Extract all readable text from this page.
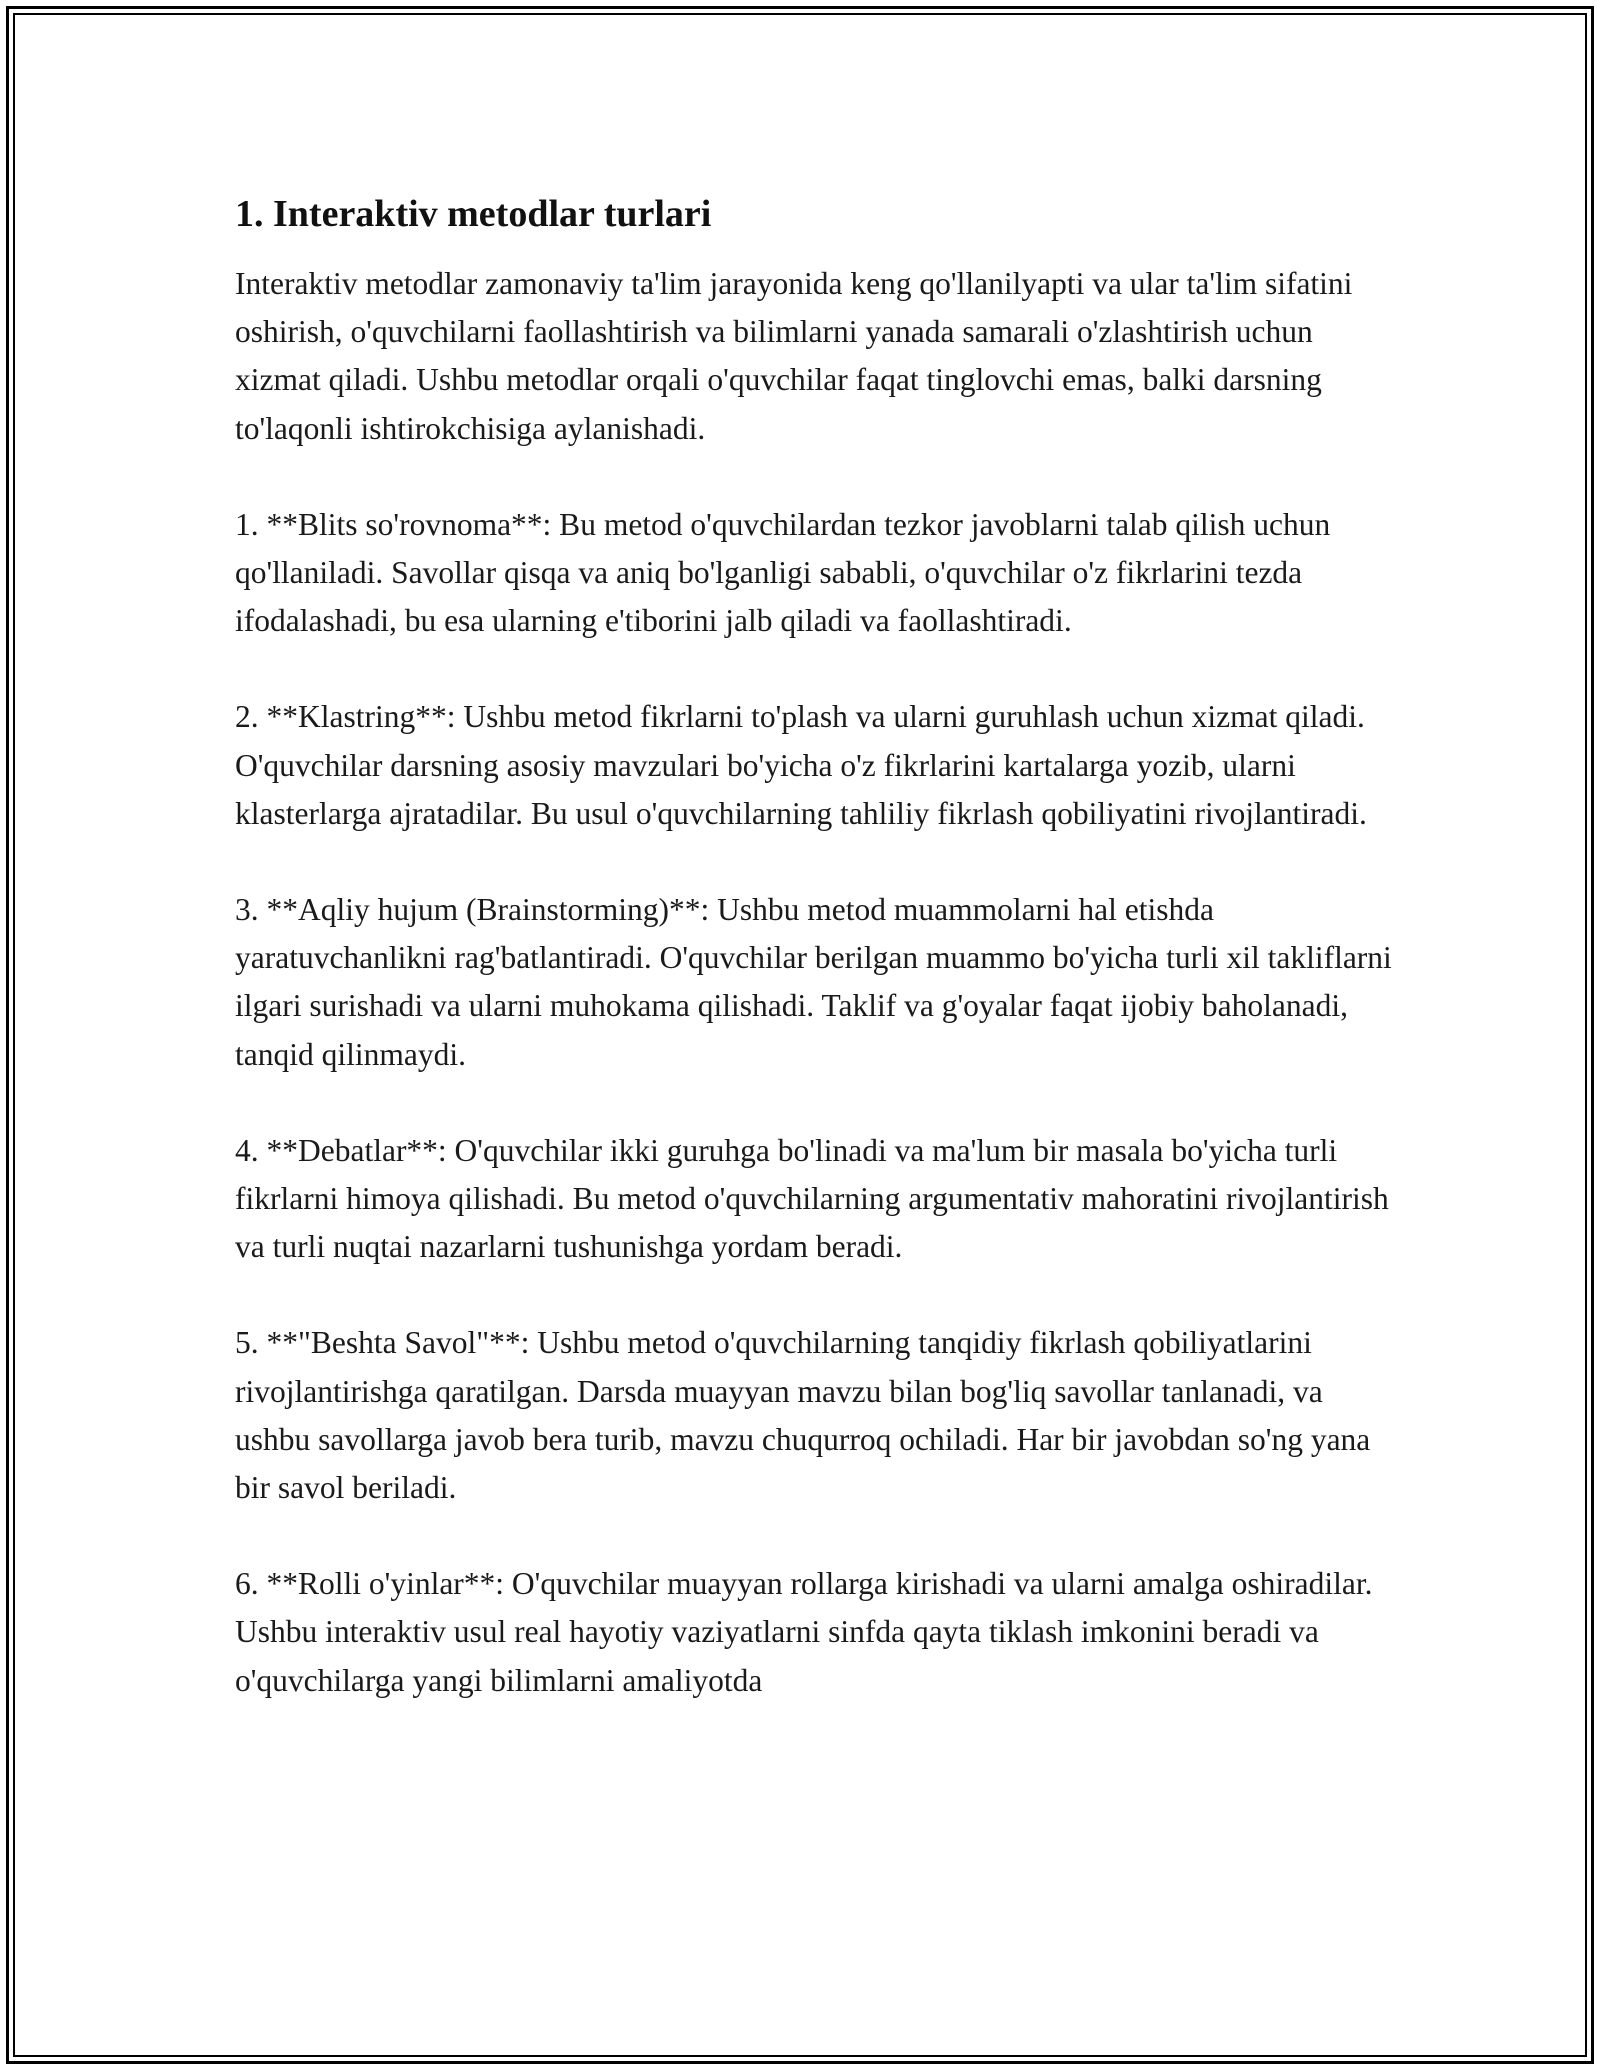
1. Interaktiv metodlar turlari

Interaktiv metodlar zamonaviy ta'lim jarayonida keng qo'llanilyapti va ular ta'lim sifatini oshirish, o'quvchilarni faollashtirish va bilimlarni yanada samarali o'zlashtirish uchun xizmat qiladi. Ushbu metodlar orqali o'quvchilar faqat tinglovchi emas, balki darsning to'laqonli ishtirokchisiga aylanishadi.

1. **Blits so'rovnoma**: Bu metod o'quvchilardan tezkor javoblarni talab qilish uchun qo'llaniladi. Savollar qisqa va aniq bo'lganligi sababli, o'quvchilar o'z fikrlarini tezda ifodalashadi, bu esa ularning e'tiborini jalb qiladi va faollashtiradi.

2. **Klastring**: Ushbu metod fikrlarni to'plash va ularni guruhlash uchun xizmat qiladi. O'quvchilar darsning asosiy mavzulari bo'yicha o'z fikrlarini kartalarga yozib, ularni klasterlarga ajratadilar. Bu usul o'quvchilarning tahliliy fikrlash qobiliyatini rivojlantiradi.

3. **Aqliy hujum (Brainstorming)**: Ushbu metod muammolarni hal etishda yaratuvchanlikni rag'batlantiradi. O'quvchilar berilgan muammo bo'yicha turli xil takliflarni ilgari surishadi va ularni muhokama qilishadi. Taklif va g'oyalar faqat ijobiy baholanadi, tanqid qilinmaydi.

4. **Debatlar**: O'quvchilar ikki guruhga bo'linadi va ma'lum bir masala bo'yicha turli fikrlarni himoya qilishadi. Bu metod o'quvchilarning argumentativ mahoratini rivojlantirish va turli nuqtai nazarlarni tushunishga yordam beradi.

5. **"Beshta Savol"**: Ushbu metod o'quvchilarning tanqidiy fikrlash qobiliyatlarini rivojlantirishga qaratilgan. Darsda muayyan mavzu bilan bog'liq savollar tanlanadi, va ushbu savollarga javob bera turib, mavzu chuqurroq ochiladi. Har bir javobdan so'ng yana bir savol beriladi.

6. **Rolli o'yinlar**: O'quvchilar muayyan rollarga kirishadi va ularni amalga oshiradilar. Ushbu interaktiv usul real hayotiy vaziyatlarni sinfda qayta tiklash imkonini beradi va o'quvchilarga yangi bilimlarni amaliyotda
